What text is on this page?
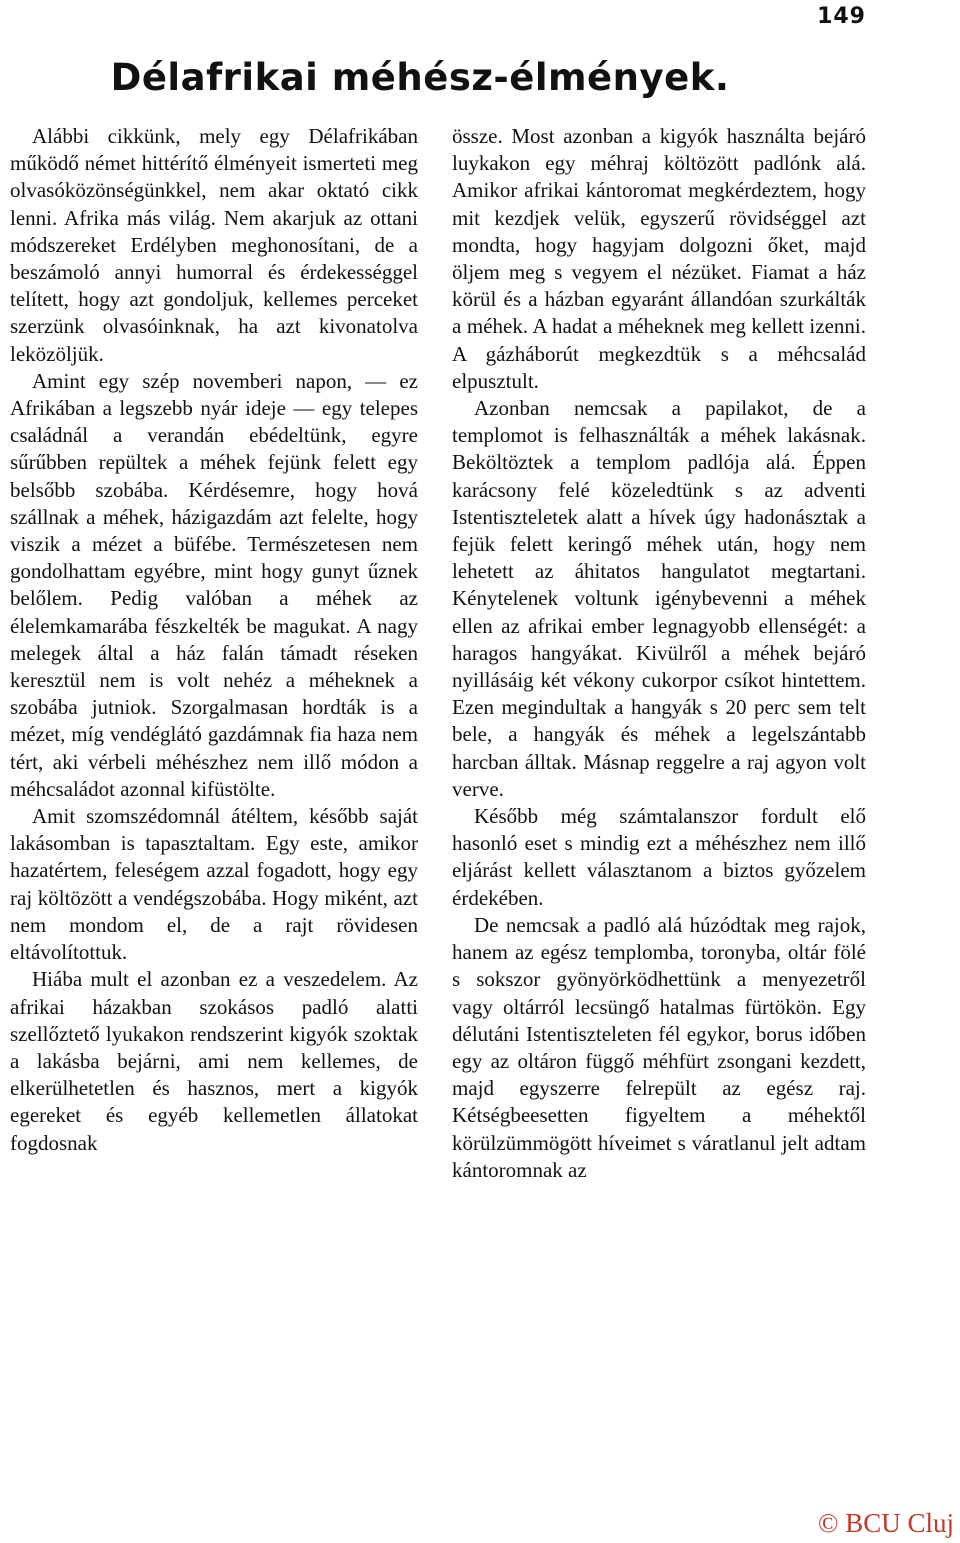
149
Délafrikai méhész-élmények.

Alábbi cikkünk, mely egy Délafrikában működő német hittérítő élményeit ismerteti meg olvasóközönségünkkel, nem akar oktató cikk lenni. Afrika más világ. Nem akarjuk az ottani módszereket Erdélyben meghonosítani, de a beszámoló annyi humorral és érdekességgel telített, hogy azt gondoljuk, kellemes perceket szerzünk olvasóinknak, ha azt kivonatolva leközöljük.

Amint egy szép novemberi napon, — ez Afrikában a legszebb nyár ideje — egy telepes családnál a verandán ebédeltünk, egyre sűrűbben repültek a méhek fejünk felett egy belsőbb szobába. Kérdésemre, hogy hová szállnak a méhek, házigazdám azt felelte, hogy viszik a mézet a büfébe. Természetesen nem gondolhattam egyébre, mint hogy gunyt űznek belőlem. Pedig valóban a méhek az élelemkamarába fészkelték be magukat. A nagy melegek által a ház falán támadt réseken keresztül nem is volt nehéz a méheknek a szobába jutniok. Szorgalmasan hordták is a mézet, míg vendéglátó gazdámnak fia haza nem tért, aki vérbeli méhészhez nem illő módon a méhcsaládot azonnal kifüstölte.

Amit szomszédomnál átéltem, később saját lakásomban is tapasztaltam. Egy este, amikor hazatértem, feleségem azzal fogadott, hogy egy raj költözött a vendégszobába. Hogy miként, azt nem mondom el, de a rajt rövidesen eltávolítottuk.

Hiába mult el azonban ez a veszedelem. Az afrikai házakban szokásos padló alatti szellőztető lyukakon rendszerint kigyók szoktak a lakásba bejárni, ami nem kellemes, de elkerülhetetlen és hasznos, mert a kigyók egereket és egyéb kellemetlen állatokat fogdosnak

össze. Most azonban a kigyók használta bejáró luykakon egy méhraj költözött padlónk alá. Amikor afrikai kántoromat megkérdeztem, hogy mit kezdjek velük, egyszerű rövidséggel azt mondta, hogy hagyjam dolgozni őket, majd öljem meg s vegyem el nézüket. Fiamat a ház körül és a házban egyaránt állandóan szurkálták a méhek. A hadat a méheknek meg kellett izenni. A gázháborút megkezdtük s a méhcsalád elpusztult.

Azonban nemcsak a papilakot, de a templomot is felhasználták a méhek lakásnak. Beköltöztek a templom padlója alá. Éppen karácsony felé közeledtünk s az adventi Istentiszteletek alatt a hívek úgy hadonásztak a fejük felett keringő méhek után, hogy nem lehetett az áhitatos hangulatot megtartani. Kénytelenek voltunk igénybevenni a méhek ellen az afrikai ember legnagyobb ellenségét: a haragos hangyákat. Kivülről a méhek bejáró nyillásáig két vékony cukorpor csíkot hintettem. Ezen megindultak a hangyák s 20 perc sem telt bele, a hangyák és méhek a legelszántabb harcban álltak. Másnap reggelre a raj agyon volt verve.

Később még számtalanszor fordult elő hasonló eset s mindig ezt a méhészhez nem illő eljárást kellett választanom a biztos győzelem érdekében.

De nemcsak a padló alá húzódtak meg rajok, hanem az egész templomba, toronyba, oltár fölé s sokszor gyönyörködhettünk a menyezetről vagy oltárról lecsüngő hatalmas fürtökön. Egy délutáni Istentiszteleten fél egykor, borus időben egy az oltáron függő méhfürt zsongani kezdett, majd egyszerre felrepült az egész raj. Kétségbeesetten figyeltem a méhektől körülzümmögött híveimet s váratlanul jelt adtam kántoromnak az

© BCU Cluj
